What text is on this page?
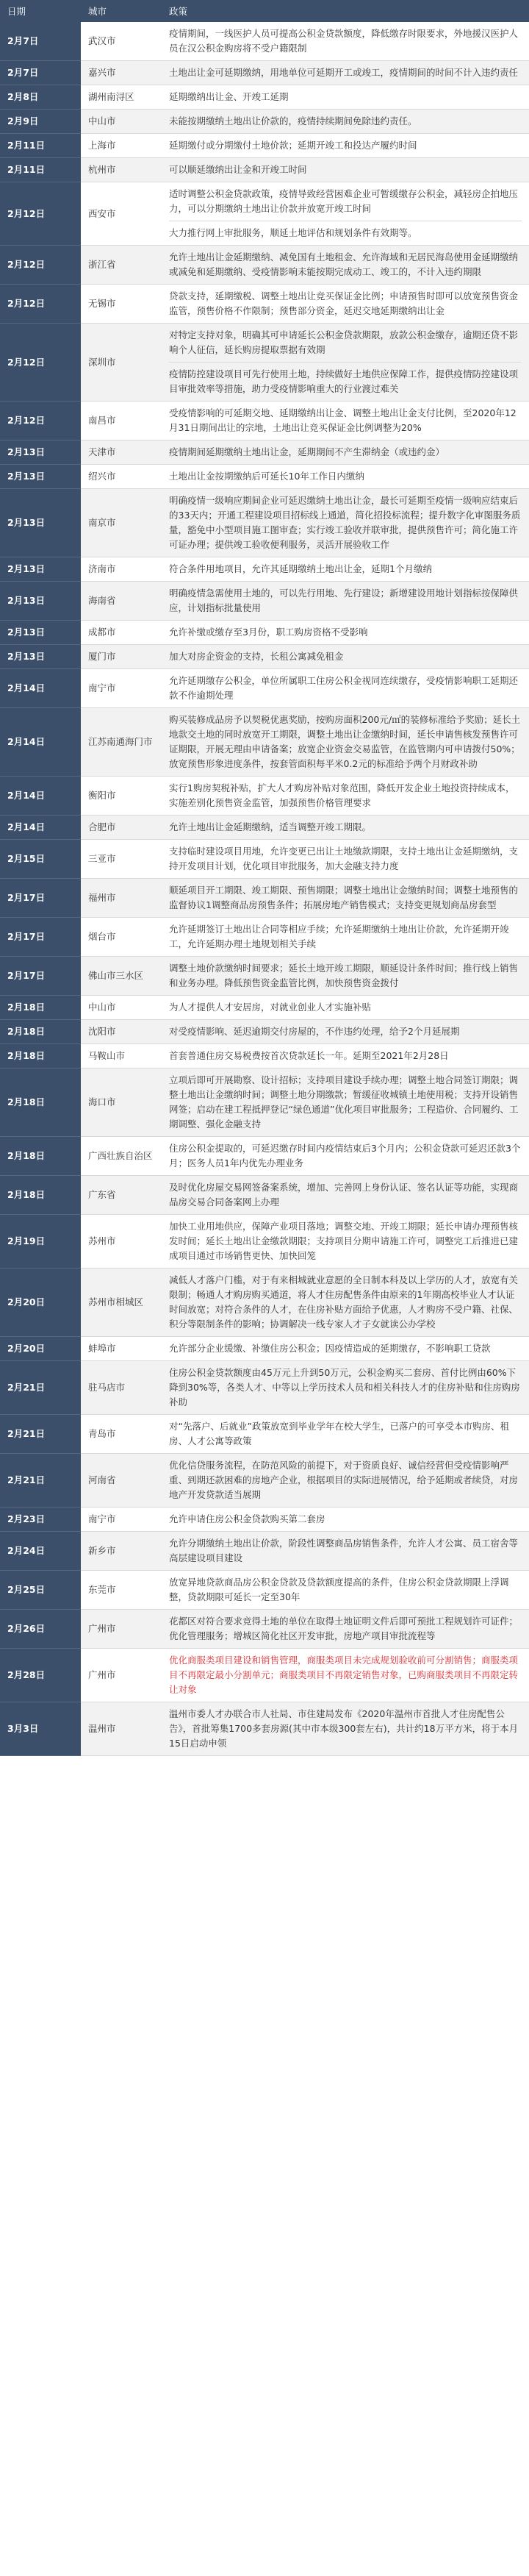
日期	城市	政策
2月7日	武汉市	疫情期间，一线医护人员可提高公积金贷款额度，降低缴存时限要求，外地援汉医护人员在汉公积金购房将不受户籍限制

2月7日	嘉兴市	土地出让金可延期缴纳，用地单位可延期开工或竣工，疫情期间的时间不计入违约责任

2月8日	湖州南浔区	延期缴纳出让金、开竣工延期

2月9日	中山市	未能按期缴纳土地出让价款的，疫情持续期间免除违约责任。

2月11日	上海市	延期缴付或分期缴付土地价款；延期开竣工和投达产履约时间

2月11日	杭州市	可以顺延缴纳出让金和开竣工时间

2月12日	西安市	适时调整公积金贷款政策，疫情导致经营困难企业可暂缓缴存公积金，减轻房企拍地压力，可以分期缴纳土地出让价款并放宽开竣工时间
大力推行网上审批服务，顺延土地评估和规划条件有效期等。

2月12日	浙江省	允许土地出让金延期缴纳、减免国有土地租金、允许海域和无居民海岛使用金延期缴纳或减免和延期缴纳、受疫情影响未能按期完成动工、竣工的，不计入违约期限

2月12日	无锡市	贷款支持，延期缴税、调整土地出让竞买保证金比例；申请预售时即可以放宽预售资金监管，预售价格不作限制；预售部分资金，延迟交地延期缴纳出让金

2月12日	深圳市	对特定支持对象，明确其可申请延长公积金贷款期限，放款公积金缴存，逾期还贷不影响个人征信，延长购房提取票据有效期
疫情防控建设项目可先行使用土地，持续做好土地供应保障工作，提供疫情防控建设项目审批效率等措施，助力受疫情影响重大的行业渡过难关

2月12日	南昌市	受疫情影响的可延期交地、延期缴纳出让金、调整土地出让金支付比例，至2020年12月31日期间出让的宗地，土地出让竞买保证金比例调整为20%

2月13日	天津市	疫情期间延期缴纳土地出让金，延期期间不产生滞纳金（或违约金）

2月13日	绍兴市	土地出让金按期缴纳后可延长10年工作日内缴纳

2月13日	南京市	明确疫情一级响应期间企业可延迟缴纳土地出让金，最长可延期至疫情一级响应结束后的33天内；开通工程建设项目招标线上通道，简化招投标流程；提升数字化审图服务质量，豁免中小型项目施工图审查；实行竣工验收并联审批，提供预售许可；简化施工许可证办理；提供竣工验收便利服务，灵活开展验收工作

2月13日	济南市	符合条件用地项目，允许其延期缴纳土地出让金，延期1个月缴纳

2月13日	海南省	明确疫情急需使用土地的，可以先行用地、先行建设；新增建设用地计划指标按保障供应，计划指标批量使用

2月13日	成都市	允许补缴或缴存至3月份，职工购房资格不受影响

2月13日	厦门市	加大对房企资金的支持，长租公寓减免租金

2月14日	南宁市	允许延期缴存公积金，单位所属职工住房公积金视同连续缴存，受疫情影响职工延期还款不作逾期处理

2月14日	江苏南通海门市	购买装修成品房予以契税优惠奖励，按购房面积200元/㎡的装修标准给予奖励；延长土地款交土地的同时放宽开工期限，调整土地出让金缴纳时间，延长申请售核发预售许可证期限，开展无理由申请备案；放宽企业资金交易监管，在监管期内可申请拨付50%；放宽预售形象进度条件，按套管面积每平米0.2元的标准给予两个月财政补助

2月14日	衡阳市	实行1购房契税补贴，扩大人才购房补贴对象范围，降低开发企业土地投资持续成本，实施差别化预售资金监管，加强预售价格管理要求

2月14日	合肥市	允许土地出让金延期缴纳，适当调整开竣工期限。

2月15日	三亚市	支持临时建设项目用地，允许变更已出让土地缴款期限，支持土地出让金延期缴纳，支持开发项目计划，优化项目审批服务，加大金融支持力度

2月17日	福州市	顺延项目开工期限、竣工期限、预售期限；调整土地出让金缴纳时间；调整土地预售的监督协议1调整商品房预售条件；拓展房地产销售模式；支持变更规划商品房套型

2月17日	烟台市	允许延期签订土地出让合同等相应手续；允许延期缴纳土地出让价款，允许延期开竣工，允许延期办理土地规划相关手续

2月17日	佛山市三水区	调整土地价款缴纳时间要求；延长土地开竣工期限，顺延设计条件时间；推行线上销售和业务办理。降低预售资金监管比例，加快预售资金拨付

2月18日	中山市	为人才提供人才安居房，对就业创业人才实施补贴

2月18日	沈阳市	对受疫情影响、延迟逾期交付房屋的，不作违约处理，给予2个月延展期

2月18日	马鞍山市	首套普通住房交易税费按首次贷款延长一年。延期至2021年2月28日

2月18日	海口市	立项后即可开展勘察、设计招标；支持项目建设手续办理；调整土地合同签订期限；调整土地出让金缴纳时间；调整土地分期缴款；暂缓征收城镇土地使用税；支持开设销售网签；启动在建工程抵押登记“绿色通道”优化项目审批服务；工程造价、合同履约、工期调整、强化金融支持

2月18日	广西壮族自治区	住房公积金提取的，可延迟缴存时间内疫情结束后3个月内；公积金贷款可延迟还款3个月；医务人员1年内优先办理业务

2月18日	广东省	及时优化房屋交易网签备案系统，增加、完善网上身份认证、签名认证等功能，实现商品房交易合同备案网上办理

2月19日	苏州市	加快工业用地供应，保障产业项目落地；调整交地、开竣工期限；延长申请办理预售核发时间；延长土地出让金缴款期限；支持项目分期申请施工许可，调整完工后推进已建成项目通过市场销售更快、加快回笼

2月20日	苏州市相城区	减低人才落户门槛，对于有来相城就业意愿的全日制本科及以上学历的人才，放宽有关限制；畅通人才购房购买通道，将人才住房配售条件由原来的1年期高校毕业人才认证时间放宽；对符合条件的人才，在住房补贴方面给予优惠，人才购房不受户籍、社保、积分等限制条件的影响；协调解决一线专家人才子女就读公办学校

2月20日	蚌埠市	允许部分企业缓缴、补缴住房公积金；因疫情造成的延期缴存，不影响职工贷款

2月21日	驻马店市	住房公积金贷款额度由45万元上升到50万元，公积金购买二套房、首付比例由60%下降到30%等，各类人才、中等以上学历技术人员和相关科技人才的住房补贴和住房购房补助

2月21日	青岛市	对“先落户、后就业”政策放宽到毕业学年在校大学生，已落户的可享受本市购房、租房、人才公寓等政策

2月21日	河南省	优化信贷服务流程，在防范风险的前提下，对于资质良好、诚信经营但受疫情影响严重、到期还款困难的房地产企业，根据项目的实际进展情况，给予延期或者续贷，对房地产开发贷款适当展期

2月23日	南宁市	允许申请住房公积金贷款购买第二套房

2月24日	新乡市	允许分期缴纳土地出让价款，阶段性调整商品房销售条件，允许人才公寓、员工宿舍等高层建设项目建设

2月25日	东莞市	放宽异地贷款商品房公积金贷款及贷款额度提高的条件，住房公积金贷款期限上浮调整，贷款期限可延长一定至30年

2月26日	广州市	花都区对符合要求竞得土地的单位在取得土地证明文件后即可预批工程规划许可证件；优化管理服务；增城区简化社区开发审批，房地产项目审批流程等

2月28日	广州市	优化商服类项目建设和销售管理，商服类项目未完成规划验收前可分割销售；商服类项目不再限定最小分割单元；商服类项目不再限定销售对象，已购商服类项目不再限定转让对象

3月3日	温州市	温州市委人才办联合市人社局、市住建局发布《2020年温州市首批人才住房配售公告》，首批筹集1700多套房源(其中市本级300套左右)，共计约18万平方米，将于本月15日启动申领
